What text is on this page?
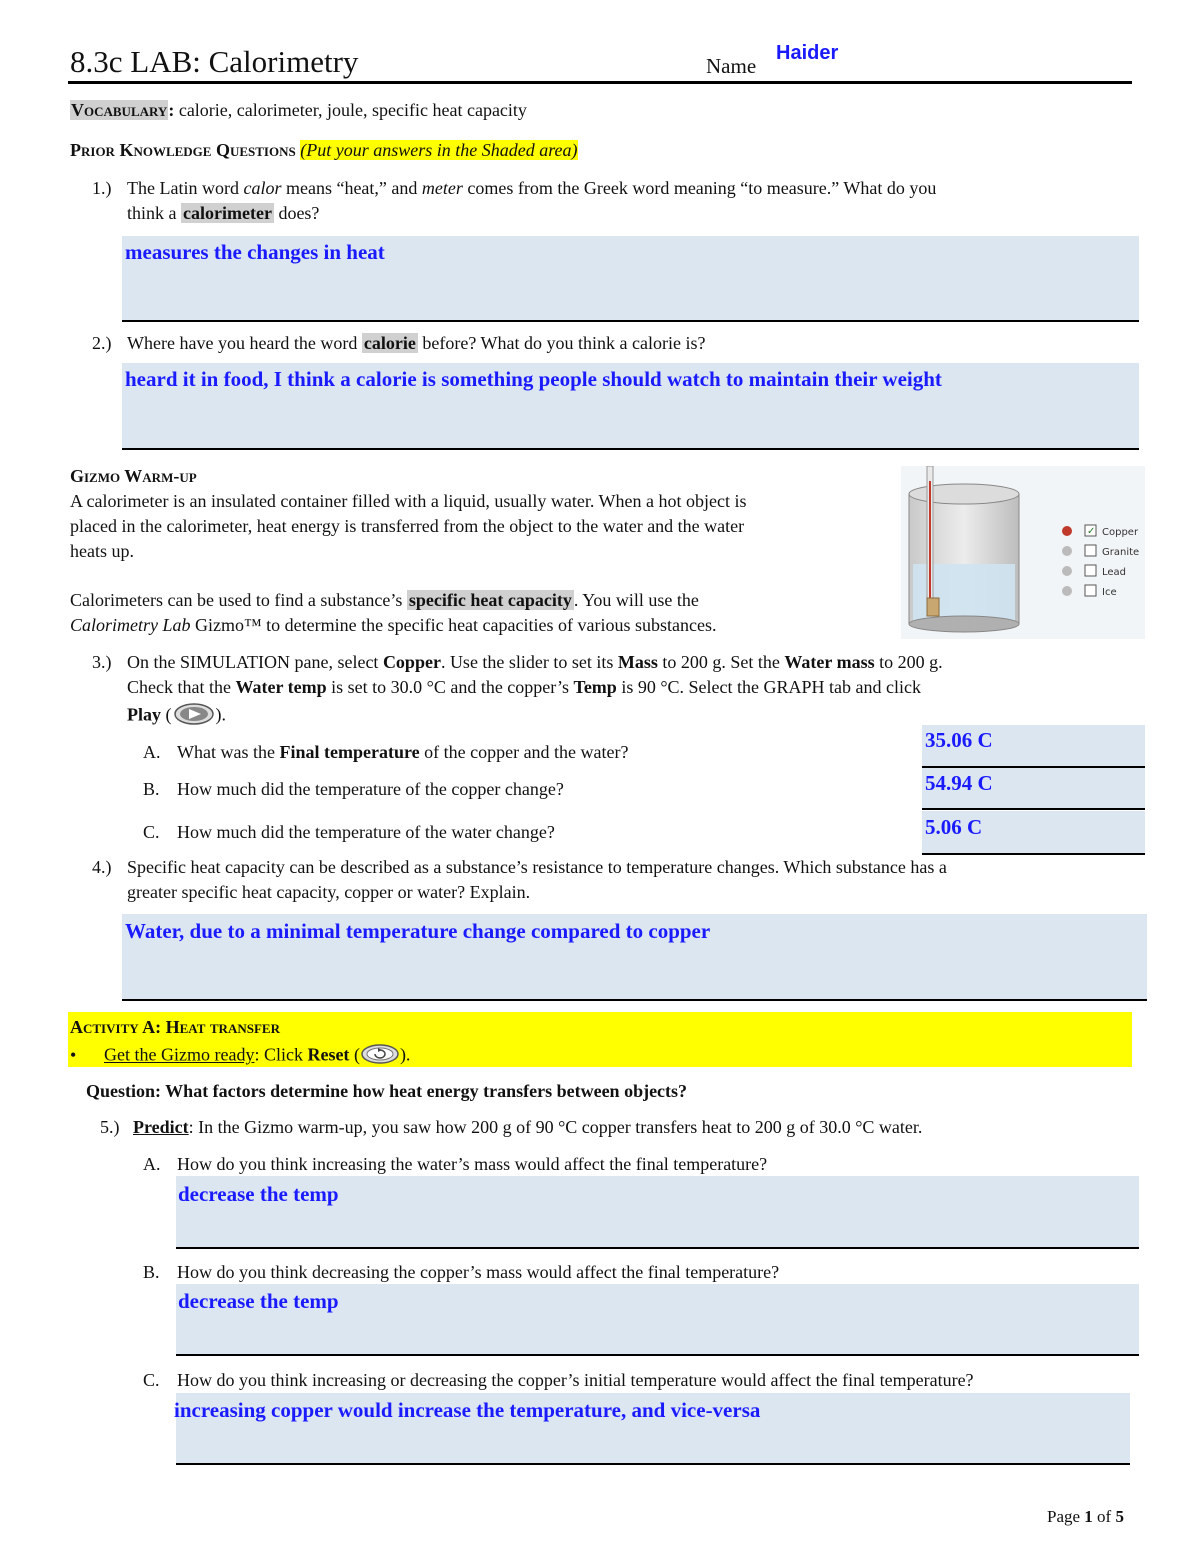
8.3c LAB: Calorimetry	Name
Haider
Vocabulary: calorie, calorimeter, joule, specific heat capacity
Prior Knowledge Questions (Put your answers in the Shaded area)
1.) The Latin word calor means “heat,” and meter comes from the Greek word meaning “to measure.” What do you
think a calorimeter does?
measures the changes in heat
2.) Where have you heard the word calorie before? What do you think a calorie is?
heard it in food, I think a calorie is something people should watch to maintain their weight
Gizmo Warm-up
A calorimeter is an insulated container filled with a liquid, usually water. When a hot object is
placed in the calorimeter, heat energy is transferred from the object to the water and the water
heats up.
Calorimeters can be used to find a substance’s specific heat capacity . You will use the
Calorimetry Lab Gizmo™ to determine the specific heat capacities of various substances.
✓ Copper
Granite
Lead
Ice
3.) On the SIMULATION pane, select Copper. Use the slider to set its Mass to 200 g. Set the Water mass to 200 g.
Check that the Water temp is set to 30.0 °C and the copper’s Temp is 90 °C. Select the GRAPH tab and click
Play ( ).
A. What was the Final temperature of the copper and the water?
B. How much did the temperature of the copper change?
C. How much did the temperature of the water change?
35.06 C
54.94 C
5.06 C
4.) Specific heat capacity can be described as a substance’s resistance to temperature changes. Which substance has a
greater specific heat capacity, copper or water? Explain.
Water, due to a minimal temperature change compared to copper
Activity A: Heat transfer
• Get the Gizmo ready: Click Reset ( ).
Question: What factors determine how heat energy transfers between objects?
5.) Predict: In the Gizmo warm-up, you saw how 200 g of 90 °C copper transfers heat to 200 g of 30.0 °C water.
A. How do you think increasing the water’s mass would affect the final temperature?
decrease the temp
B. How do you think decreasing the copper’s mass would affect the final temperature?
decrease the temp
C. How do you think increasing or decreasing the copper’s initial temperature would affect the final temperature?
increasing copper would increase the temperature, and vice-versa
Page 1 of 5
